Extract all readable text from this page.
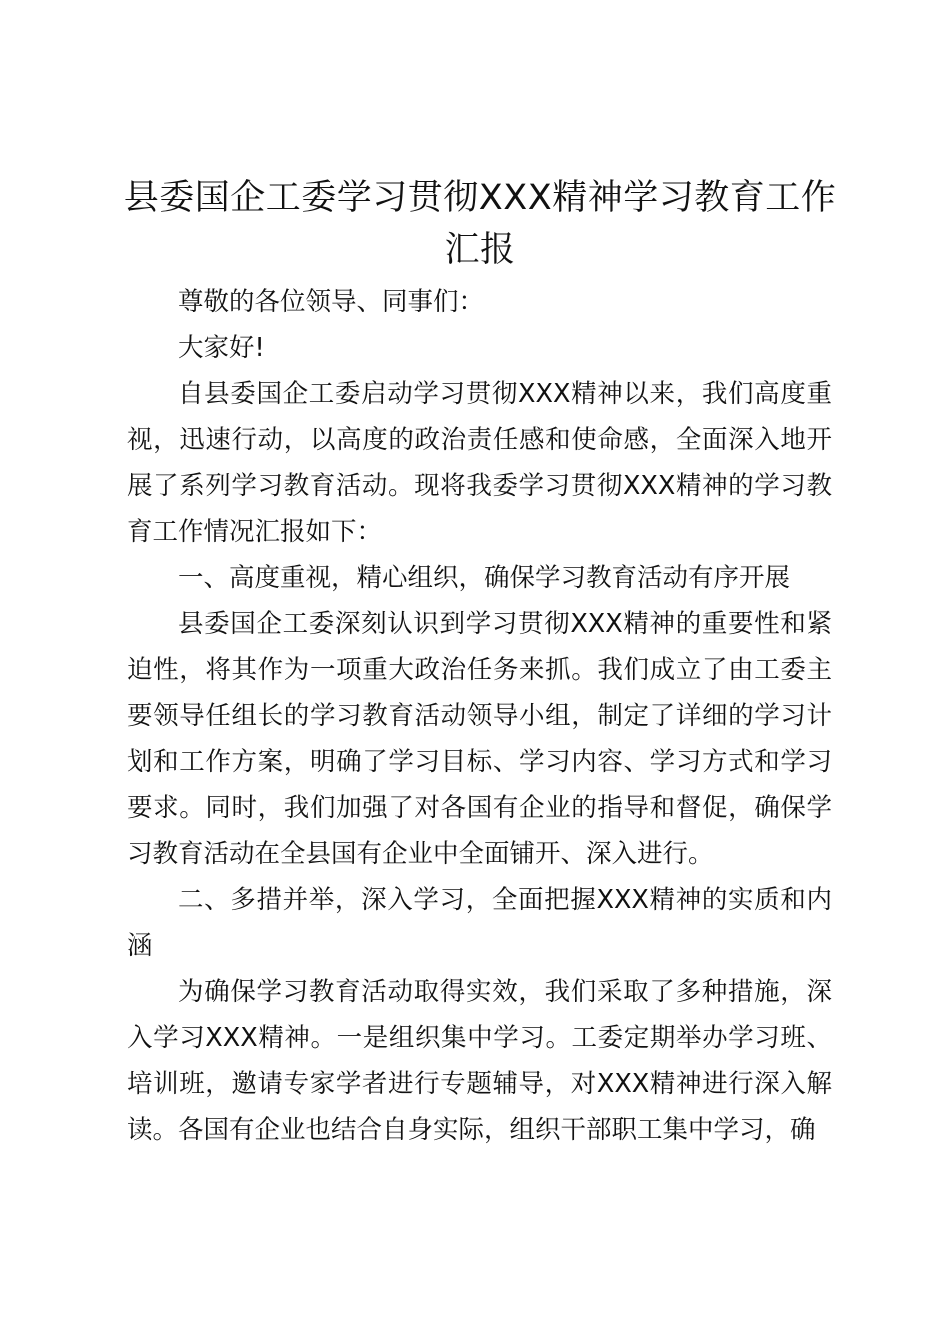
县委国企工委学习贯彻XXX精神学习教育工作汇报

尊敬的各位领导、同事们：

大家好!

自县委国企工委启动学习贯彻XXX精神以来，我们高度重视，迅速行动，以高度的政治责任感和使命感，全面深入地开展了系列学习教育活动。现将我委学习贯彻XXX精神的学习教育工作情况汇报如下：

一、高度重视，精心组织，确保学习教育活动有序开展

县委国企工委深刻认识到学习贯彻XXX精神的重要性和紧迫性，将其作为一项重大政治任务来抓。我们成立了由工委主要领导任组长的学习教育活动领导小组，制定了详细的学习计划和工作方案，明确了学习目标、学习内容、学习方式和学习要求。同时，我们加强了对各国有企业的指导和督促，确保学习教育活动在全县国有企业中全面铺开、深入进行。

二、多措并举，深入学习，全面把握XXX精神的实质和内涵

为确保学习教育活动取得实效，我们采取了多种措施，深入学习XXX精神。一是组织集中学习。工委定期举办学习班、培训班，邀请专家学者进行专题辅导，对XXX精神进行深入解读。各国有企业也结合自身实际，组织干部职工集中学习，确
